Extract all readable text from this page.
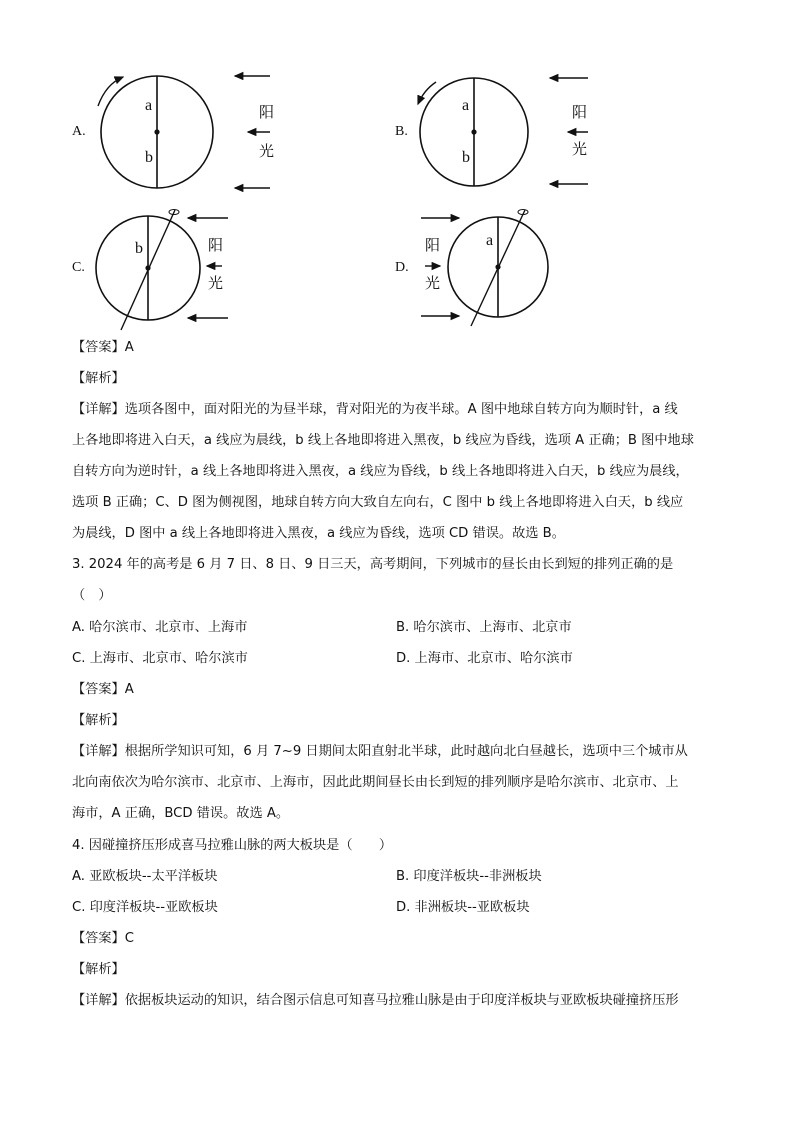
A.
a
b
阳
光
B.
a
b
阳
光
C.
b	阳
光
D.
阳
光
a
【答案】A
【解析】
【详解】选项各图中，面对阳光的为昼半球，背对阳光的为夜半球。A 图中地球自转方向为顺时针，a 线
上各地即将进入白天，a 线应为晨线，b 线上各地即将进入黑夜，b 线应为昏线，选项 A 正确；B 图中地球
自转方向为逆时针，a 线上各地即将进入黑夜，a 线应为昏线，b 线上各地即将进入白天，b 线应为晨线，
选项 B 正确；C、D 图为侧视图，地球自转方向大致自左向右，C 图中 b 线上各地即将进入白天，b 线应
为晨线，D 图中 a 线上各地即将进入黑夜，a 线应为昏线，选项 CD 错误。故选 B。
3. 2024 年的高考是 6 月 7 日、8 日、9 日三天，高考期间，下列城市的昼长由长到短的排列正确的是
（　）
A. 哈尔滨市、北京市、上海市	B. 哈尔滨市、上海市、北京市
C. 上海市、北京市、哈尔滨市	D. 上海市、北京市、哈尔滨市
【答案】A
【解析】
【详解】根据所学知识可知，6 月 7~9 日期间太阳直射北半球，此时越向北白昼越长，选项中三个城市从
北向南依次为哈尔滨市、北京市、上海市，因此此期间昼长由长到短的排列顺序是哈尔滨市、北京市、上
海市，A 正确，BCD 错误。故选 A。
4. 因碰撞挤压形成喜马拉雅山脉的两大板块是（　　）
A. 亚欧板块--太平洋板块	B. 印度洋板块--非洲板块
C. 印度洋板块--亚欧板块	D. 非洲板块--亚欧板块
【答案】C
【解析】
【详解】依据板块运动的知识，结合图示信息可知喜马拉雅山脉是由于印度洋板块与亚欧板块碰撞挤压形
